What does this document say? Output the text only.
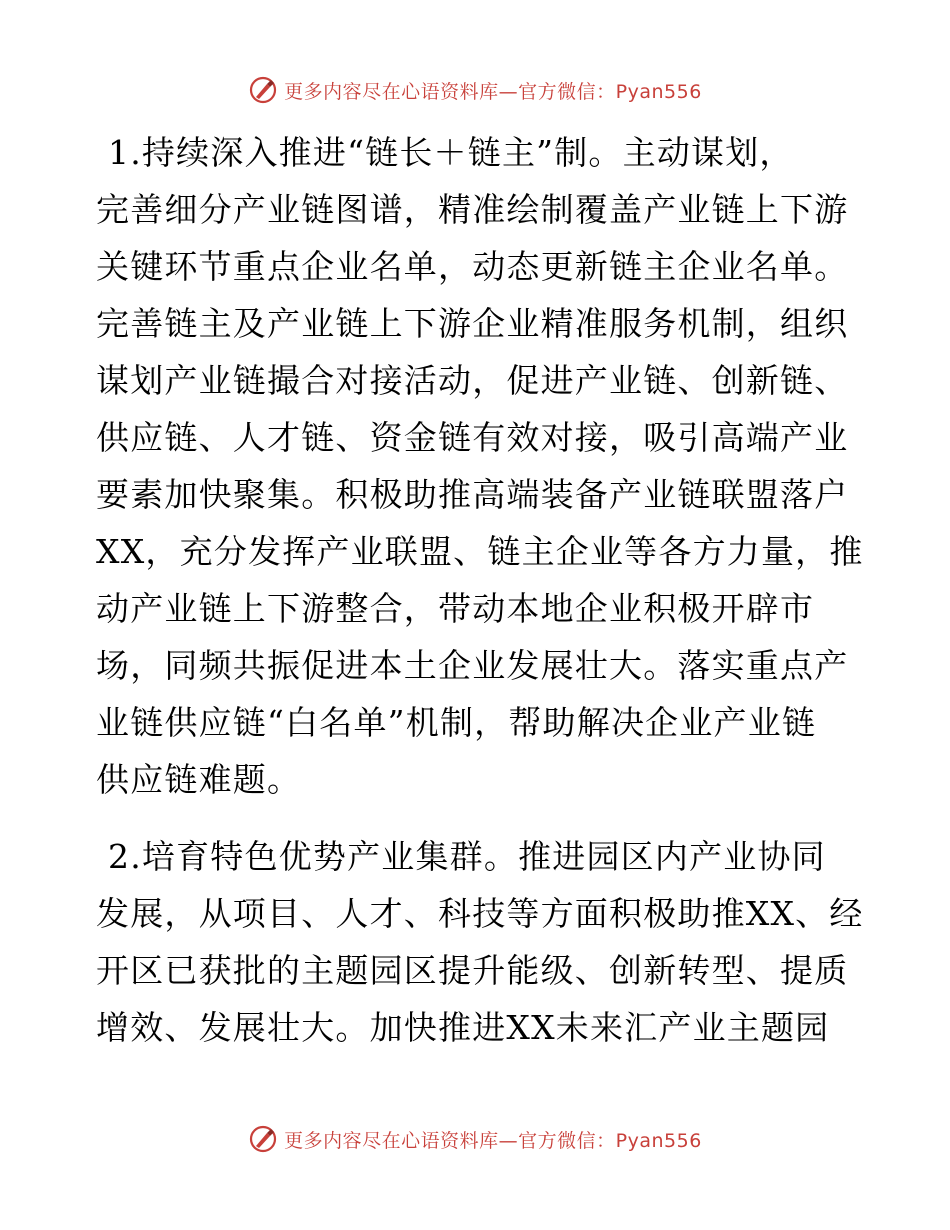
更多内容尽在心语资料库—官方微信：Pyan556
1.持续深入推进“链长＋链主”制。主动谋划，
完善细分产业链图谱，精准绘制覆盖产业链上下游
关键环节重点企业名单，动态更新链主企业名单。
完善链主及产业链上下游企业精准服务机制，组织
谋划产业链撮合对接活动，促进产业链、创新链、
供应链、人才链、资金链有效对接，吸引高端产业
要素加快聚集。积极助推高端装备产业链联盟落户
XX，充分发挥产业联盟、链主企业等各方力量，推
动产业链上下游整合，带动本地企业积极开辟市
场，同频共振促进本土企业发展壮大。落实重点产
业链供应链“白名单”机制，帮助解决企业产业链
供应链难题。
2.培育特色优势产业集群。推进园区内产业协同
发展，从项目、人才、科技等方面积极助推XX、经
开区已获批的主题园区提升能级、创新转型、提质
增效、发展壮大。加快推进XX未来汇产业主题园
更多内容尽在心语资料库—官方微信：Pyan556
